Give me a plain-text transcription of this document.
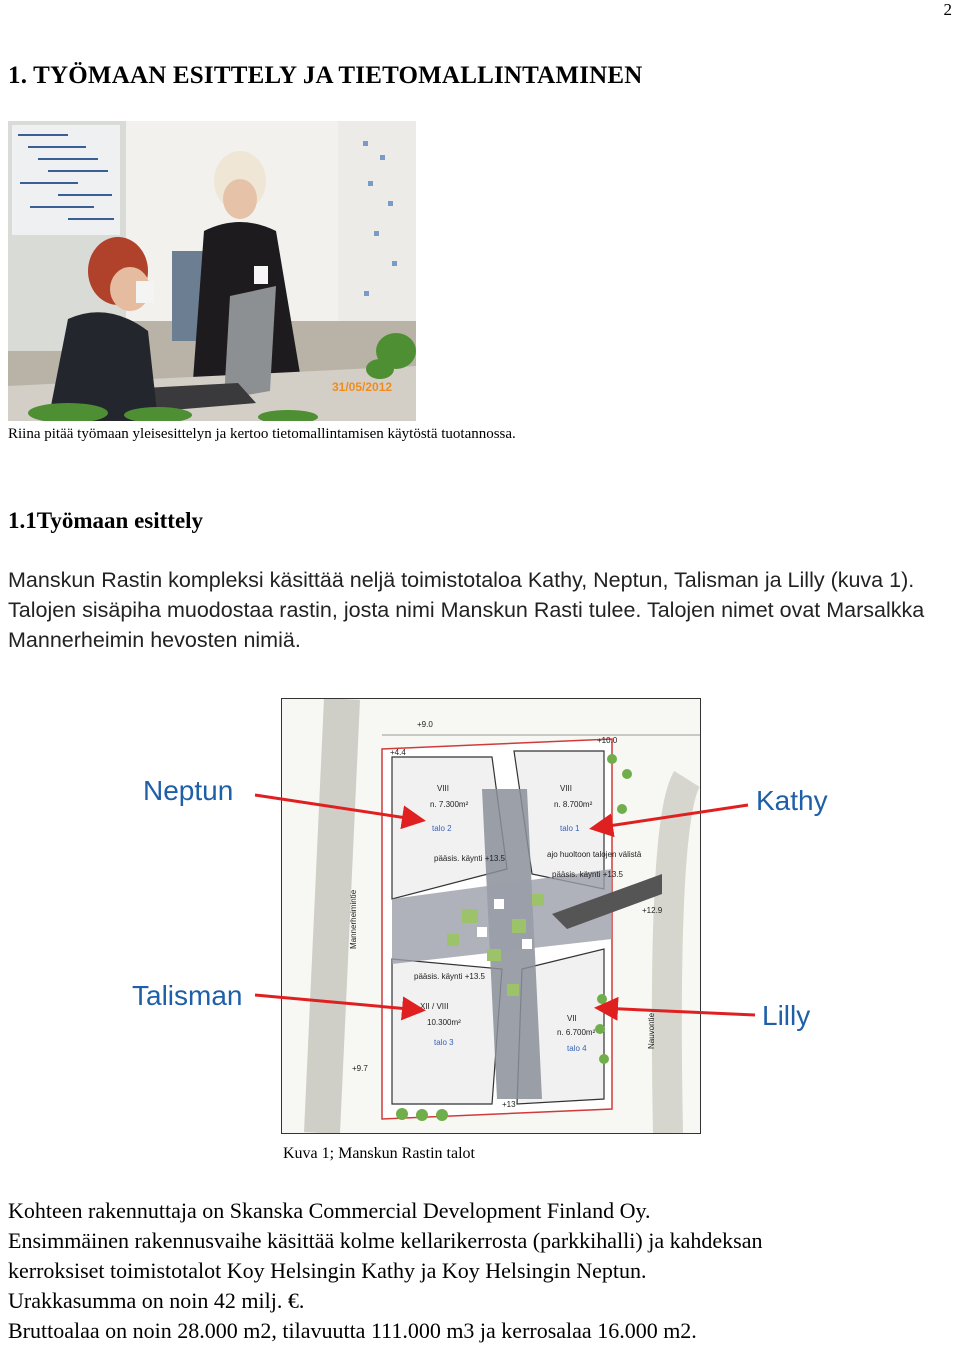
2
1. TYÖMAAN ESITTELY JA TIETOMALLINTAMINEN
31/05/2012
Riina pitää työmaan yleisesittelyn ja kertoo tietomallintamisen käytöstä tuotannossa.
1.1Työmaan esittely
Manskun Rastin kompleksi käsittää neljä toimistotaloa Kathy, Neptun, Talisman ja Lilly (kuva 1). Talojen sisäpiha muodostaa rastin, josta nimi Manskun Rasti tulee. Talojen nimet ovat Marsalkka Mannerheimin hevosten nimiä.
VIII
n. 7.300m²
talo 2
VIII
n. 8.700m²
talo 1
XII / VIII
10.300m²
talo 3
VII
n. 6.700m²
talo 4
pääsis. käynti +13.5
pääsis. käynti +13.5
pääsis. käynti +13.5
ajo huoltoon talojen välistä
+9.0
+10.0
+12.9
+9.7
+4.4
+13
Mannerheimintie
Nauvontie
Neptun	Kathy
Talisman
Lilly
Kuva 1; Manskun Rastin talot

Kohteen rakennuttaja on Skanska Commercial Development Finland Oy.

Ensimmäinen rakennusvaihe käsittää kolme kellarikerrosta (parkkihalli) ja kahdeksan

kerroksiset toimistotalot Koy Helsingin Kathy ja Koy Helsingin Neptun.

Urakkasumma on noin 42 milj. €.

Bruttoalaa on noin 28.000 m2, tilavuutta 111.000 m3 ja kerrosalaa 16.000 m2.
